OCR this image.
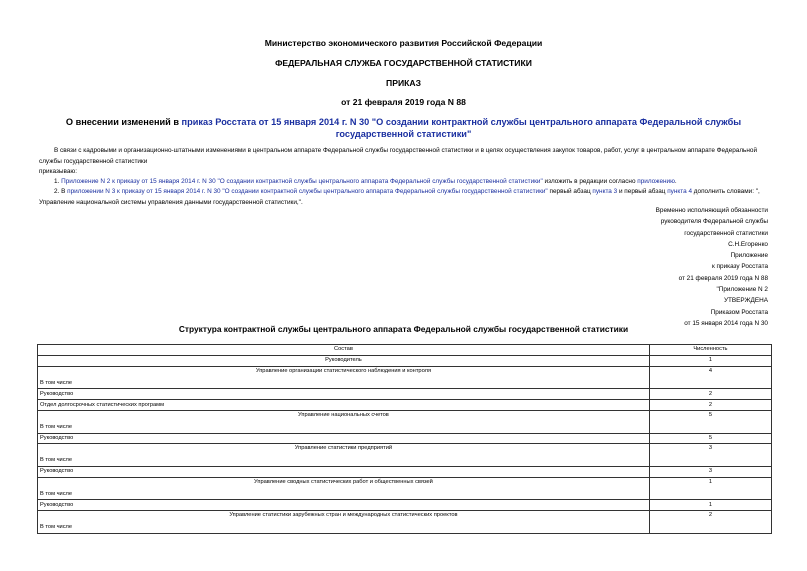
Министерство экономического развития Российской Федерации
ФЕДЕРАЛЬНАЯ СЛУЖБА ГОСУДАРСТВЕННОЙ СТАТИСТИКИ
ПРИКАЗ
от 21 февраля 2019 года N 88
О внесении изменений в приказ Росстата от 15 января 2014 г. N 30 "О создании контрактной службы центрального аппарата Федеральной службы государственной статистики"
В связи с кадровыми и организационно-штатными изменениями в центральном аппарате Федеральной службы государственной статистики и в целях осуществления закупок товаров, работ, услуг в центральном аппарате Федеральной службы государственной статистики
приказываю:
1. Приложение N 2 к приказу от 15 января 2014 г. N 30 "О создании контрактной службы центрального аппарата Федеральной службы государственной статистики" изложить в редакции согласно приложению.
2. В приложении N 3 к приказу от 15 января 2014 г. N 30 "О создании контрактной службы центрального аппарата Федеральной службы государственной статистики" первый абзац пункта 3 и первый абзац пункта 4 дополнить словами: ", Управление национальной системы управления данными государственной статистики,".
Временно исполняющий обязанности
руководителя Федеральной службы
государственной статистики
С.Н.Егоренко
Приложение
к приказу Росстата
от 21 февраля 2019 года N 88
"Приложение N 2
УТВЕРЖДЕНА
Приказом Росстата
от 15 января 2014 года N 30
Структура контрактной службы центрального аппарата Федеральной службы государственной статистики
Состав	Численность
Руководитель	1

Управление организации статистического наблюдения и контроля
В том числе	4
Руководство	2
Отдел долгосрочных статистических программ	2

Управление национальных счетов
В том числе	5
Руководство	5

Управление статистики предприятий
В том числе	3
Руководство	3

Управление сводных статистических работ и общественных связей
В том числе	1
Руководство	1

Управление статистики зарубежных стран и международных статистических проектов
В том числе	2
